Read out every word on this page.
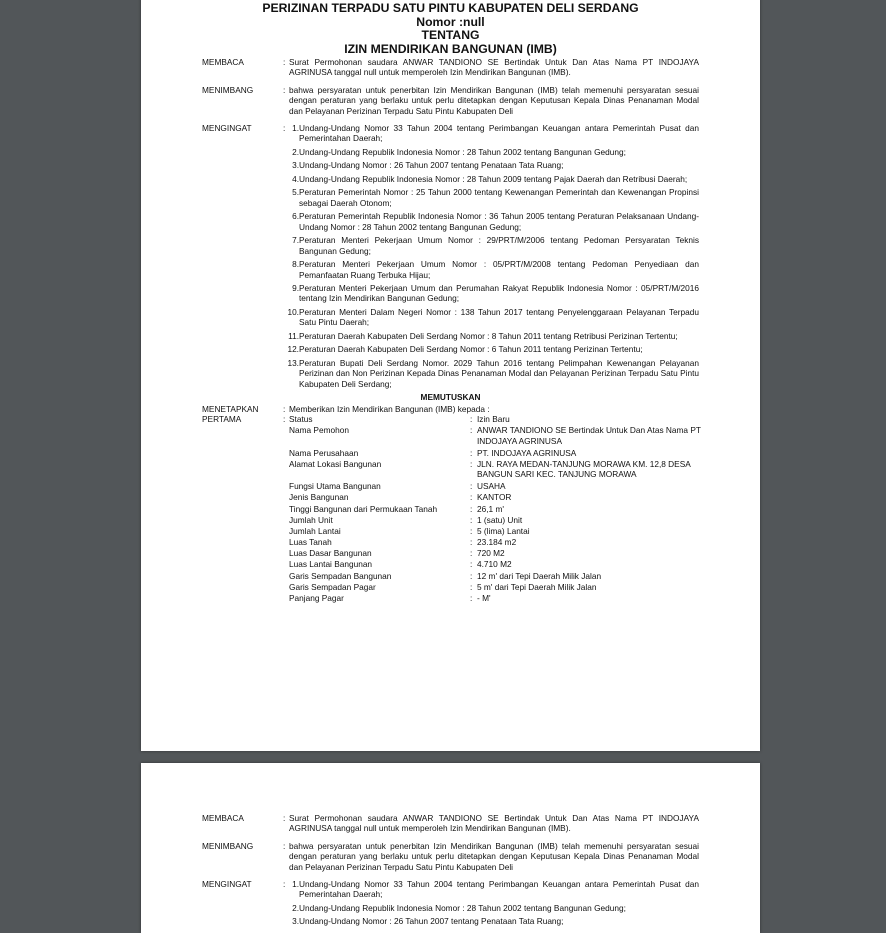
PERIZINAN TERPADU SATU PINTU KABUPATEN DELI SERDANG
Nomor :null
TENTANG
IZIN MENDIRIKAN BANGUNAN (IMB)
MEMBACA	: Surat Permohonan saudara ANWAR TANDIONO SE Bertindak Untuk Dan Atas Nama PT INDOJAYA AGRINUSA tanggal null untuk memperoleh Izin Mendirikan Bangunan (IMB).
MENIMBANG	: bahwa persyaratan untuk penerbitan Izin Mendirikan Bangunan (IMB) telah memenuhi persyaratan sesuai dengan peraturan yang berlaku untuk perlu ditetapkan dengan Keputusan Kepala Dinas Penanaman Modal dan Pelayanan Perizinan Terpadu Satu Pintu Kabupaten Deli
MENGINGAT	: 1. Undang-Undang Nomor 33 Tahun 2004 tentang Perimbangan Keuangan antara Pemerintah Pusat dan Pemerintahan Daerah;
2. Undang-Undang Republik Indonesia Nomor : 28 Tahun 2002 tentang Bangunan Gedung;
3. Undang-Undang Nomor : 26 Tahun 2007 tentang Penataan Tata Ruang;
4. Undang-Undang Republik Indonesia Nomor : 28 Tahun 2009 tentang Pajak Daerah dan Retribusi Daerah;
5. Peraturan Pemerintah Nomor : 25 Tahun 2000 tentang Kewenangan Pemerintah dan Kewenangan Propinsi sebagai Daerah Otonom;
6. Peraturan Pemerintah Republik Indonesia Nomor : 36 Tahun 2005 tentang Peraturan Pelaksanaan Undang-Undang Nomor : 28 Tahun 2002 tentang Bangunan Gedung;
7. Peraturan Menteri Pekerjaan Umum Nomor : 29/PRT/M/2006 tentang Pedoman Persyaratan Teknis Bangunan Gedung;
8. Peraturan Menteri Pekerjaan Umum Nomor : 05/PRT/M/2008 tentang Pedoman Penyediaan dan Pemanfaatan Ruang Terbuka Hijau;
9. Peraturan Menteri Pekerjaan Umum dan Perumahan Rakyat Republik Indonesia Nomor : 05/PRT/M/2016 tentang Izin Mendirikan Bangunan Gedung;
10. Peraturan Menteri Dalam Negeri Nomor : 138 Tahun 2017 tentang Penyelenggaraan Pelayanan Terpadu Satu Pintu Daerah;
11. Peraturan Daerah Kabupaten Deli Serdang Nomor : 8 Tahun 2011 tentang Retribusi Perizinan Tertentu;
12. Peraturan Daerah Kabupaten Deli Serdang Nomor : 6 Tahun 2011 tentang Perizinan Tertentu;
13. Peraturan Bupati Deli Serdang Nomor. 2029 Tahun 2016 tentang Pelimpahan Kewenangan Pelayanan Perizinan dan Non Perizinan Kepada Dinas Penanaman Modal dan Pelayanan Perizinan Terpadu Satu Pintu Kabupaten Deli Serdang;
MEMUTUSKAN
MENETAPKAN	: Memberikan Izin Mendirikan Bangunan (IMB) kepada :
PERTAMA	: Status	: Izin Baru
Nama Pemohon	: ANWAR TANDIONO SE Bertindak Untuk Dan Atas Nama PT INDOJAYA AGRINUSA
Nama Perusahaan	: PT. INDOJAYA AGRINUSA
Alamat Lokasi Bangunan	: JLN. RAYA MEDAN-TANJUNG MORAWA KM. 12,8 DESA BANGUN SARI KEC. TANJUNG MORAWA
Fungsi Utama Bangunan	: USAHA
Jenis Bangunan	: KANTOR
Tinggi Bangunan dari Permukaan Tanah	: 26,1 m'
Jumlah Unit	: 1 (satu) Unit
Jumlah Lantai	: 5 (lima) Lantai
Luas Tanah	: 23.184 m2
Luas Dasar Bangunan	: 720 M2
Luas Lantai Bangunan	: 4.710 M2
Garis Sempadan Bangunan	: 12 m' dari Tepi Daerah Milik Jalan
Garis Sempadan Pagar	: 5 m' dari Tepi Daerah Milik Jalan
Panjang Pagar	: - M'
MEMBACA	: Surat Permohonan saudara ANWAR TANDIONO SE Bertindak Untuk Dan Atas Nama PT INDOJAYA AGRINUSA tanggal null untuk memperoleh Izin Mendirikan Bangunan (IMB).
MENIMBANG	: bahwa persyaratan untuk penerbitan Izin Mendirikan Bangunan (IMB) telah memenuhi persyaratan sesuai dengan peraturan yang berlaku untuk perlu ditetapkan dengan Keputusan Kepala Dinas Penanaman Modal dan Pelayanan Perizinan Terpadu Satu Pintu Kabupaten Deli
MENGINGAT	: 1. Undang-Undang Nomor 33 Tahun 2004 tentang Perimbangan Keuangan antara Pemerintah Pusat dan Pemerintahan Daerah;
2. Undang-Undang Republik Indonesia Nomor : 28 Tahun 2002 tentang Bangunan Gedung;
3. Undang-Undang Nomor : 26 Tahun 2007 tentang Penataan Tata Ruang;
